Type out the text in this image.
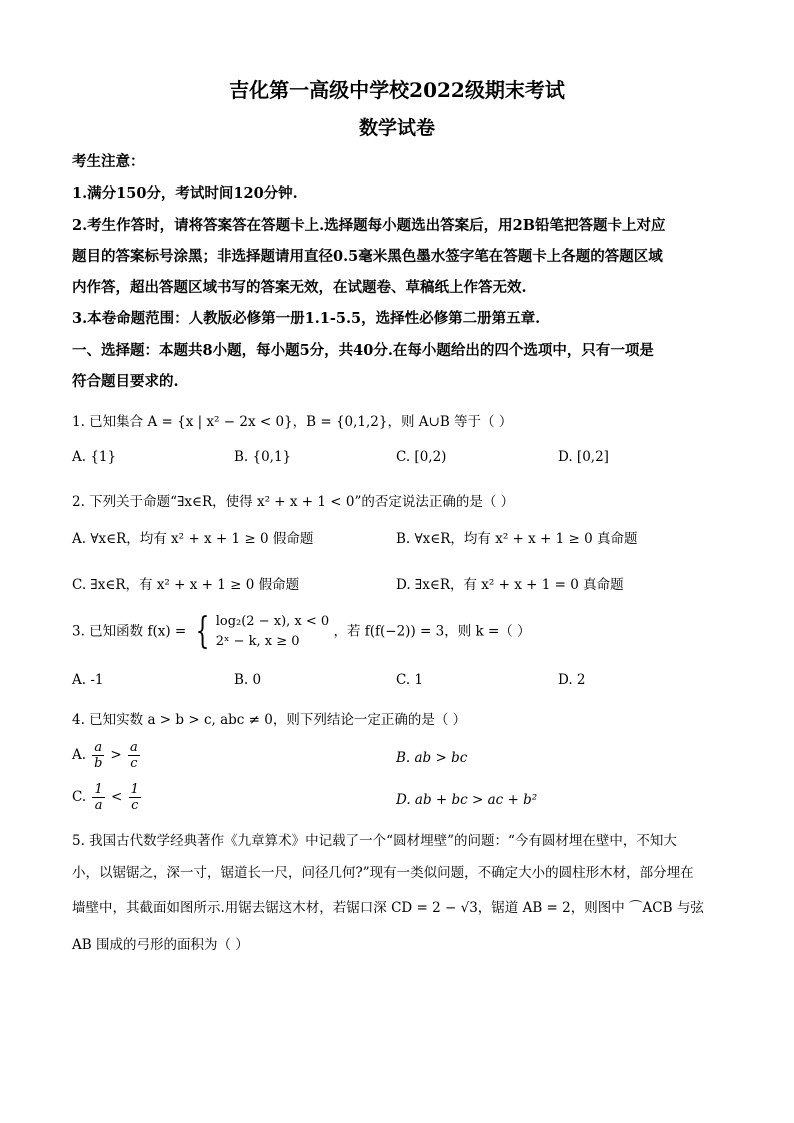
吉化第一高级中学校2022级期末考试
数学试卷
考生注意：
1.满分150分，考试时间120分钟.
2.考生作答时，请将答案答在答题卡上.选择题每小题选出答案后，用2B铅笔把答题卡上对应
题目的答案标号涂黑；非选择题请用直径0.5毫米黑色墨水签字笔在答题卡上各题的答题区域
内作答，超出答题区域书写的答案无效，在试题卷、草稿纸上作答无效.
3.本卷命题范围：人教版必修第一册1.1-5.5，选择性必修第二册第五章.
一、选择题：本题共8小题，每小题5分，共40分.在每小题给出的四个选项中，只有一项是
符合题目要求的.
1. 已知集合 A = {x | x² − 2x < 0}，B = {0,1,2}，则 A∪B 等于（ ）
A. {1}	B. {0,1}	C. [0,2)	D. [0,2]
2. 下列关于命题“∃x∈R，使得 x² + x + 1 < 0”的否定说法正确的是（ ）
A. ∀x∈R，均有 x² + x + 1 ≥ 0 假命题	B. ∀x∈R，均有 x² + x + 1 ≥ 0 真命题
C. ∃x∈R，有 x² + x + 1 ≥ 0 假命题	D. ∃x∈R，有 x² + x + 1 = 0 真命题
3. 已知函数 f(x) = { log₂(2 − x), x < 0
2ˣ − k, x ≥ 0
，若 f(f(−2)) = 3，则 k =（ ）
A. -1	B. 0	C. 1	D. 2
4. 已知实数 a > b > c, abc ≠ 0，则下列结论一定正确的是（ ）
A. $\frac{a}{b} > \frac{a}{c}$	B. ab > bc
C. $\frac{1}{a} < \frac{1}{c}$	D. ab + bc > ac + b²
5. 我国古代数学经典著作《九章算术》中记载了一个“圆材埋壁”的问题：“今有圆材埋在壁中，不知大
小，以锯锯之，深一寸，锯道长一尺，问径几何?”现有一类似问题，不确定大小的圆柱形木材，部分埋在
墙壁中，其截面如图所示.用锯去锯这木材，若锯口深 CD = 2 − √3，锯道 AB = 2，则图中 ⌒ACB 与弦
AB 围成的弓形的面积为（ ）
